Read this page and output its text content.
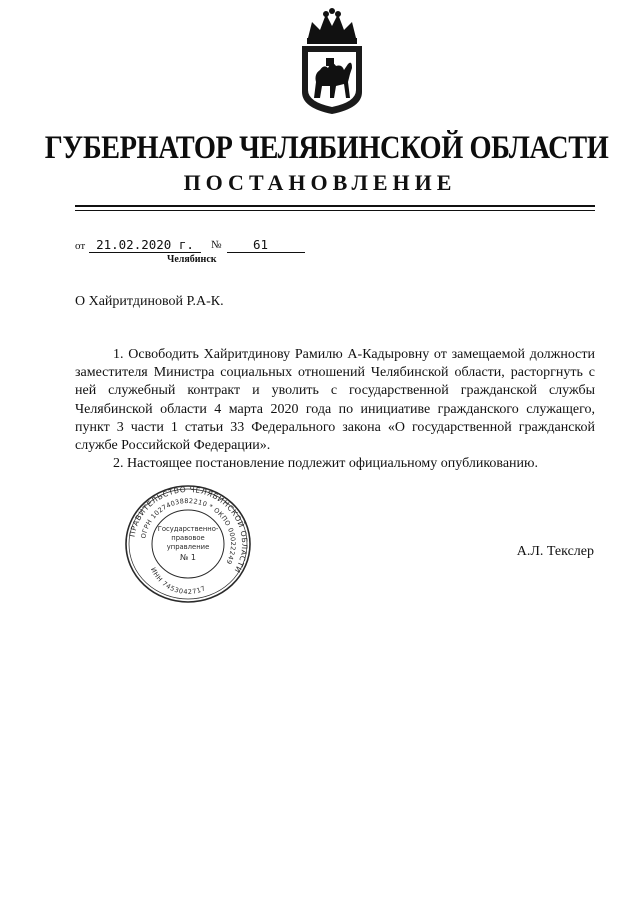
ГУБЕРНАТОР ЧЕЛЯБИНСКОЙ ОБЛАСТИ
ПОСТАНОВЛЕНИЕ
от 21.02.2020 г.	№	61
Челябинск
О Хайритдиновой Р.А-К.

1. Освободить Хайритдинову Рамилю А-Кадыровну от замещаемой должности заместителя Министра социальных отношений Челябинской области, расторгнуть с ней служебный контракт и уволить с государственной гражданской службы Челябинской области 4 марта 2020 года по инициативе гражданского служащего, пункт 3 части 1 статьи 33 Федерального закона «О государственной гражданской службе Российской Федерации».

2. Настоящее постановление подлежит официальному опубликованию.

ПРАВИТЕЛЬСТВО ЧЕЛЯБИНСКОЙ ОБЛАСТИ
ОГРН 1027403882210 * ОКПО 00022249
ИНН 7453042717
Государственно-
правовое
управление
№ 1	А.Л. Текслер
